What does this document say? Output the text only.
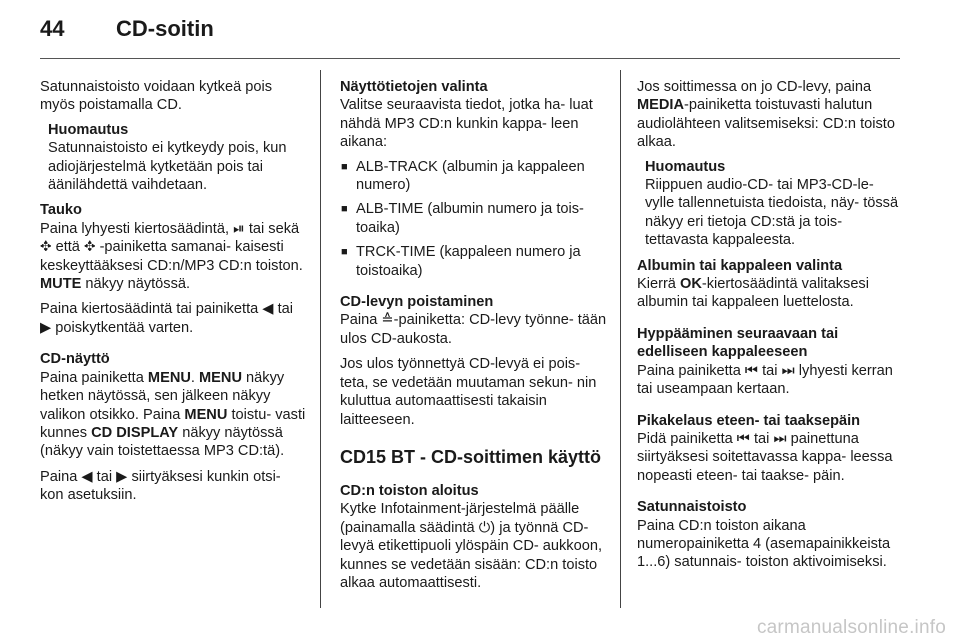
44 CD-soitin

Satunnaistoisto voidaan kytkeä pois myös poistamalla CD.

Huomautus

Satunnaistoisto ei kytkeydy pois, kun adiojärjestelmä kytketään pois tai äänilähdettä vaihdetaan.

Tauko

Paina lyhyesti kiertosäädintä, ⏯ tai sekä ✥ että ✥ -painiketta samanai- kaisesti keskeyttääksesi CD:n/MP3 CD:n toiston. MUTE näkyy näytössä.

Paina kiertosäädintä tai painiketta ◀ tai ▶ poiskytkentää varten.

CD-näyttö

Paina painiketta MENU. MENU näkyy hetken näytössä, sen jälkeen näkyy valikon otsikko. Paina MENU toistu- vasti kunnes CD DISPLAY näkyy näytössä (näkyy vain toistettaessa MP3 CD:tä).

Paina ◀ tai ▶ siirtyäksesi kunkin otsi- kon asetuksiin.

Näyttötietojen valinta

Valitse seuraavista tiedot, jotka ha- luat nähdä MP3 CD:n kunkin kappa- leen aikana:

■ ALB-TRACK (albumin ja kappaleen numero)

■ ALB-TIME (albumin numero ja tois- toaika)

■ TRCK-TIME (kappaleen numero ja toistoaika)

CD-levyn poistaminen

Paina ≙-painiketta: CD-levy työnne- tään ulos CD-aukosta.

Jos ulos työnnettyä CD-levyä ei pois- teta, se vedetään muutaman sekun- nin kuluttua automaattisesti takaisin laitteeseen.

CD15 BT - CD-soittimen käyttö

CD:n toiston aloitus

Kytke Infotainment-järjestelmä päälle (painamalla säädintä ⏻) ja työnnä CD-levyä etikettipuoli ylöspäin CD- aukkoon, kunnes se vedetään sisään: CD:n toisto alkaa automaattisesti.

Jos soittimessa on jo CD-levy, paina MEDIA-painiketta toistuvasti halutun audiolähteen valitsemiseksi: CD:n toisto alkaa.

Huomautus

Riippuen audio-CD- tai MP3-CD-le- vylle tallennetuista tiedoista, näy- tössä näkyy eri tietoja CD:stä ja tois- tettavasta kappaleesta.

Albumin tai kappaleen valinta

Kierrä OK-kiertosäädintä valitaksesi albumin tai kappaleen luettelosta.

Hyppääminen seuraavaan tai edelliseen kappaleeseen

Paina painiketta ⏮ tai ⏭ lyhyesti kerran tai useampaan kertaan.

Pikakelaus eteen- tai taaksepäin

Pidä painiketta ⏮ tai ⏭ painettuna siirtyäksesi soitettavassa kappa- leessa nopeasti eteen- tai taakse- päin.

Satunnaistoisto

Paina CD:n toiston aikana numeropainiketta 4 (asemapainikkeista 1...6) satunnais- toiston aktivoimiseksi.

carmanualsonline.info
